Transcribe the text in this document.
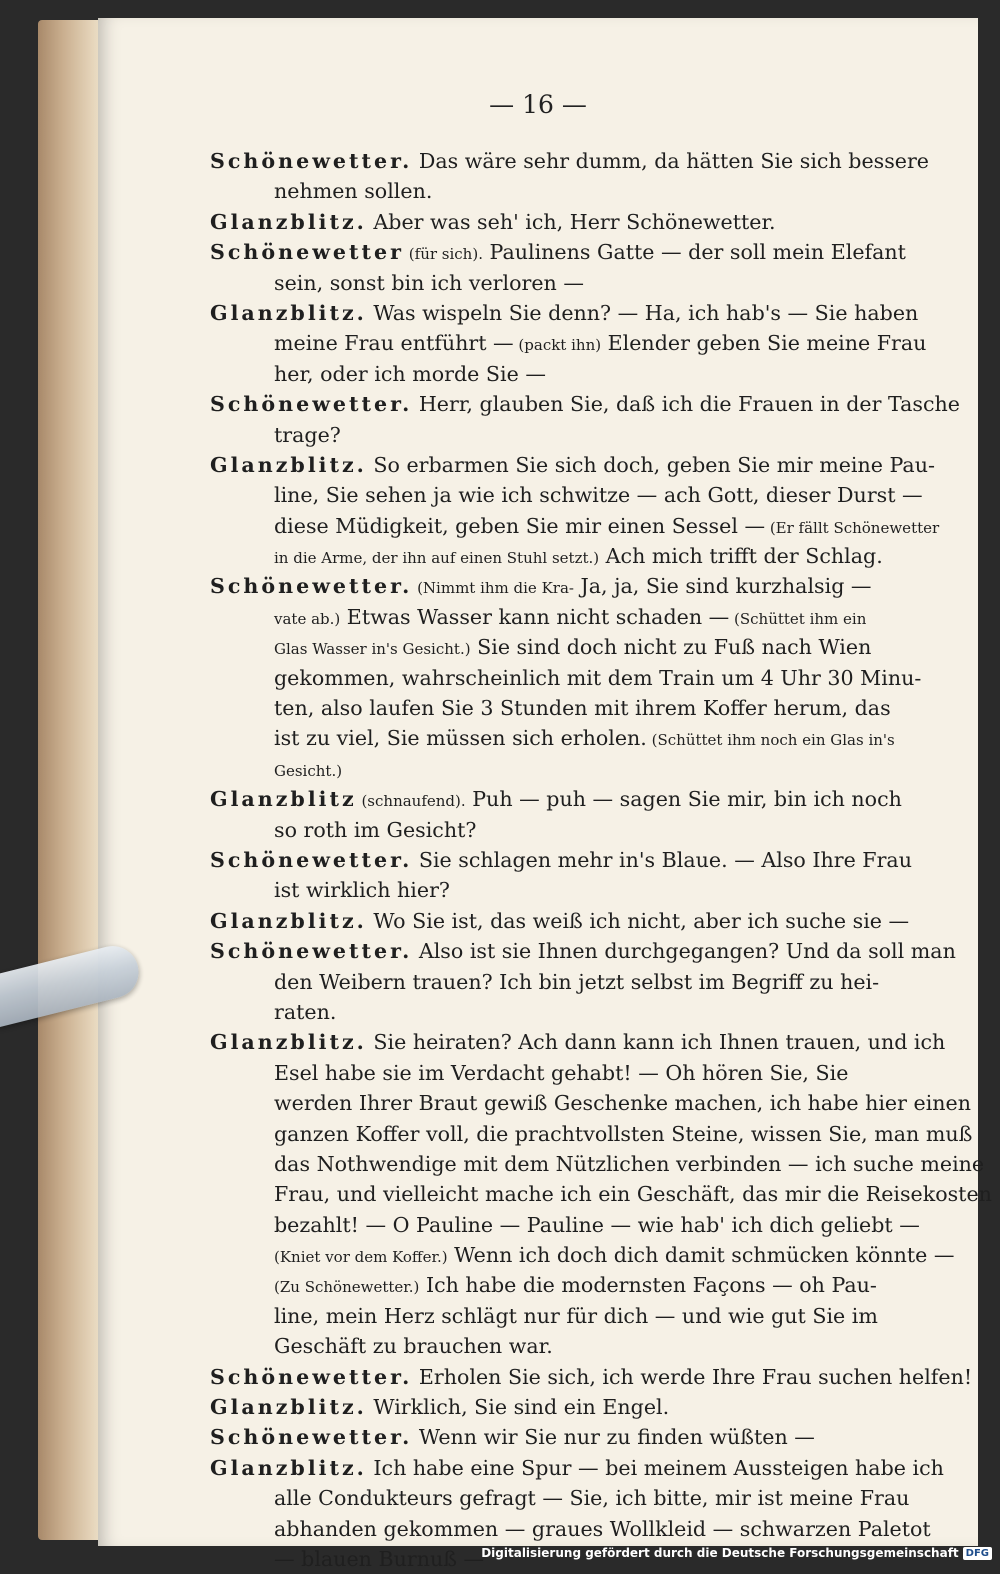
— 16 —
Schönewetter. Das wäre sehr dumm, da hätten Sie sich bessere
nehmen sollen.
Glanzblitz. Aber was seh' ich, Herr Schönewetter.
Schönewetter (für sich). Paulinens Gatte — der soll mein Elefant
sein, sonst bin ich verloren —
Glanzblitz. Was wispeln Sie denn? — Ha, ich hab's — Sie haben
meine Frau entführt — (packt ihn) Elender geben Sie meine Frau
her, oder ich morde Sie —
Schönewetter. Herr, glauben Sie, daß ich die Frauen in der Tasche
trage?
Glanzblitz. So erbarmen Sie sich doch, geben Sie mir meine Pau-
line, Sie sehen ja wie ich schwitze — ach Gott, dieser Durst —
diese Müdigkeit, geben Sie mir einen Sessel — (Er fällt Schönewetter
in die Arme, der ihn auf einen Stuhl setzt.) Ach mich trifft der Schlag.
Schönewetter. (Nimmt ihm die Kra- Ja, ja, Sie sind kurzhalsig —
vate ab.) Etwas Wasser kann nicht schaden — (Schüttet ihm ein
Glas Wasser in's Gesicht.) Sie sind doch nicht zu Fuß nach Wien
gekommen, wahrscheinlich mit dem Train um 4 Uhr 30 Minu-
ten, also laufen Sie 3 Stunden mit ihrem Koffer herum, das
ist zu viel, Sie müssen sich erholen. (Schüttet ihm noch ein Glas in's
Gesicht.)
Glanzblitz (schnaufend). Puh — puh — sagen Sie mir, bin ich noch
so roth im Gesicht?
Schönewetter. Sie schlagen mehr in's Blaue. — Also Ihre Frau
ist wirklich hier?
Glanzblitz. Wo Sie ist, das weiß ich nicht, aber ich suche sie —
Schönewetter. Also ist sie Ihnen durchgegangen? Und da soll man
den Weibern trauen? Ich bin jetzt selbst im Begriff zu hei-
raten.
Glanzblitz. Sie heiraten? Ach dann kann ich Ihnen trauen, und ich
Esel habe sie im Verdacht gehabt! — Oh hören Sie, Sie
werden Ihrer Braut gewiß Geschenke machen, ich habe hier einen
ganzen Koffer voll, die prachtvollsten Steine, wissen Sie, man muß
das Nothwendige mit dem Nützlichen verbinden — ich suche meine
Frau, und vielleicht mache ich ein Geschäft, das mir die Reisekosten
bezahlt! — O Pauline — Pauline — wie hab' ich dich geliebt —
(Kniet vor dem Koffer.) Wenn ich doch dich damit schmücken könnte —
(Zu Schönewetter.) Ich habe die modernsten Façons — oh Pau-
line, mein Herz schlägt nur für dich — und wie gut Sie im
Geschäft zu brauchen war.
Schönewetter. Erholen Sie sich, ich werde Ihre Frau suchen helfen!
Glanzblitz. Wirklich, Sie sind ein Engel.
Schönewetter. Wenn wir Sie nur zu finden wüßten —
Glanzblitz. Ich habe eine Spur — bei meinem Aussteigen habe ich
alle Condukteurs gefragt — Sie, ich bitte, mir ist meine Frau
abhanden gekommen — graues Wollkleid — schwarzen Paletot
— blauen Burnuß —
Digitalisierung gefördert durch die Deutsche Forschungsgemeinschaft DFG
